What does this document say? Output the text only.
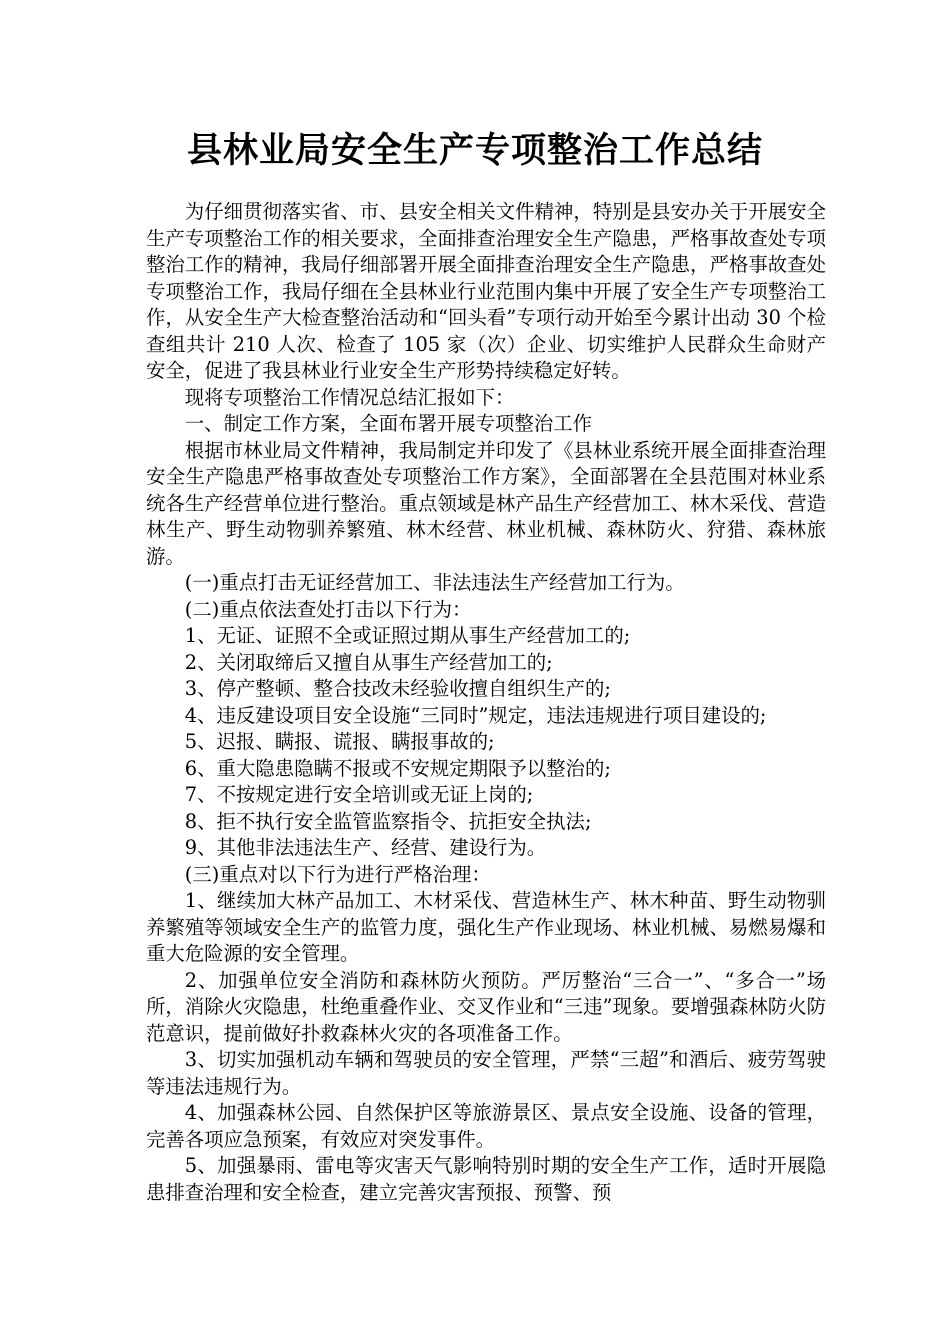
县林业局安全生产专项整治工作总结

为仔细贯彻落实省、市、县安全相关文件精神，特别是县安办关于开展安全生产专项整治工作的相关要求，全面排查治理安全生产隐患，严格事故查处专项整治工作的精神，我局仔细部署开展全面排查治理安全生产隐患，严格事故查处专项整治工作，我局仔细在全县林业行业范围内集中开展了安全生产专项整治工作，从安全生产大检查整治活动和“回头看”专项行动开始至今累计出动 30 个检查组共计 210 人次、检查了 105 家（次）企业、切实维护人民群众生命财产安全，促进了我县林业行业安全生产形势持续稳定好转。

现将专项整治工作情况总结汇报如下：

一、制定工作方案，全面布署开展专项整治工作

根据市林业局文件精神，我局制定并印发了《县林业系统开展全面排查治理安全生产隐患严格事故查处专项整治工作方案》，全面部署在全县范围对林业系统各生产经营单位进行整治。重点领域是林产品生产经营加工、林木采伐、营造林生产、野生动物驯养繁殖、林木经营、林业机械、森林防火、狩猎、森林旅游。

(一)重点打击无证经营加工、非法违法生产经营加工行为。

(二)重点依法查处打击以下行为：

1、无证、证照不全或证照过期从事生产经营加工的;

2、关闭取缔后又擅自从事生产经营加工的;

3、停产整顿、整合技改未经验收擅自组织生产的;

4、违反建设项目安全设施“三同时”规定，违法违规进行项目建设的;

5、迟报、瞒报、谎报、瞒报事故的;

6、重大隐患隐瞒不报或不安规定期限予以整治的;

7、不按规定进行安全培训或无证上岗的;

8、拒不执行安全监管监察指令、抗拒安全执法;

9、其他非法违法生产、经营、建设行为。

(三)重点对以下行为进行严格治理：

1、继续加大林产品加工、木材采伐、营造林生产、林木种苗、野生动物驯养繁殖等领域安全生产的监管力度，强化生产作业现场、林业机械、易燃易爆和重大危险源的安全管理。

2、加强单位安全消防和森林防火预防。严厉整治“三合一”、“多合一”场所，消除火灾隐患，杜绝重叠作业、交叉作业和“三违”现象。要增强森林防火防范意识，提前做好扑救森林火灾的各项准备工作。

3、切实加强机动车辆和驾驶员的安全管理，严禁“三超”和酒后、疲劳驾驶等违法违规行为。

4、加强森林公园、自然保护区等旅游景区、景点安全设施、设备的管理，完善各项应急预案，有效应对突发事件。

5、加强暴雨、雷电等灾害天气影响特别时期的安全生产工作，适时开展隐患排查治理和安全检查，建立完善灾害预报、预警、预
